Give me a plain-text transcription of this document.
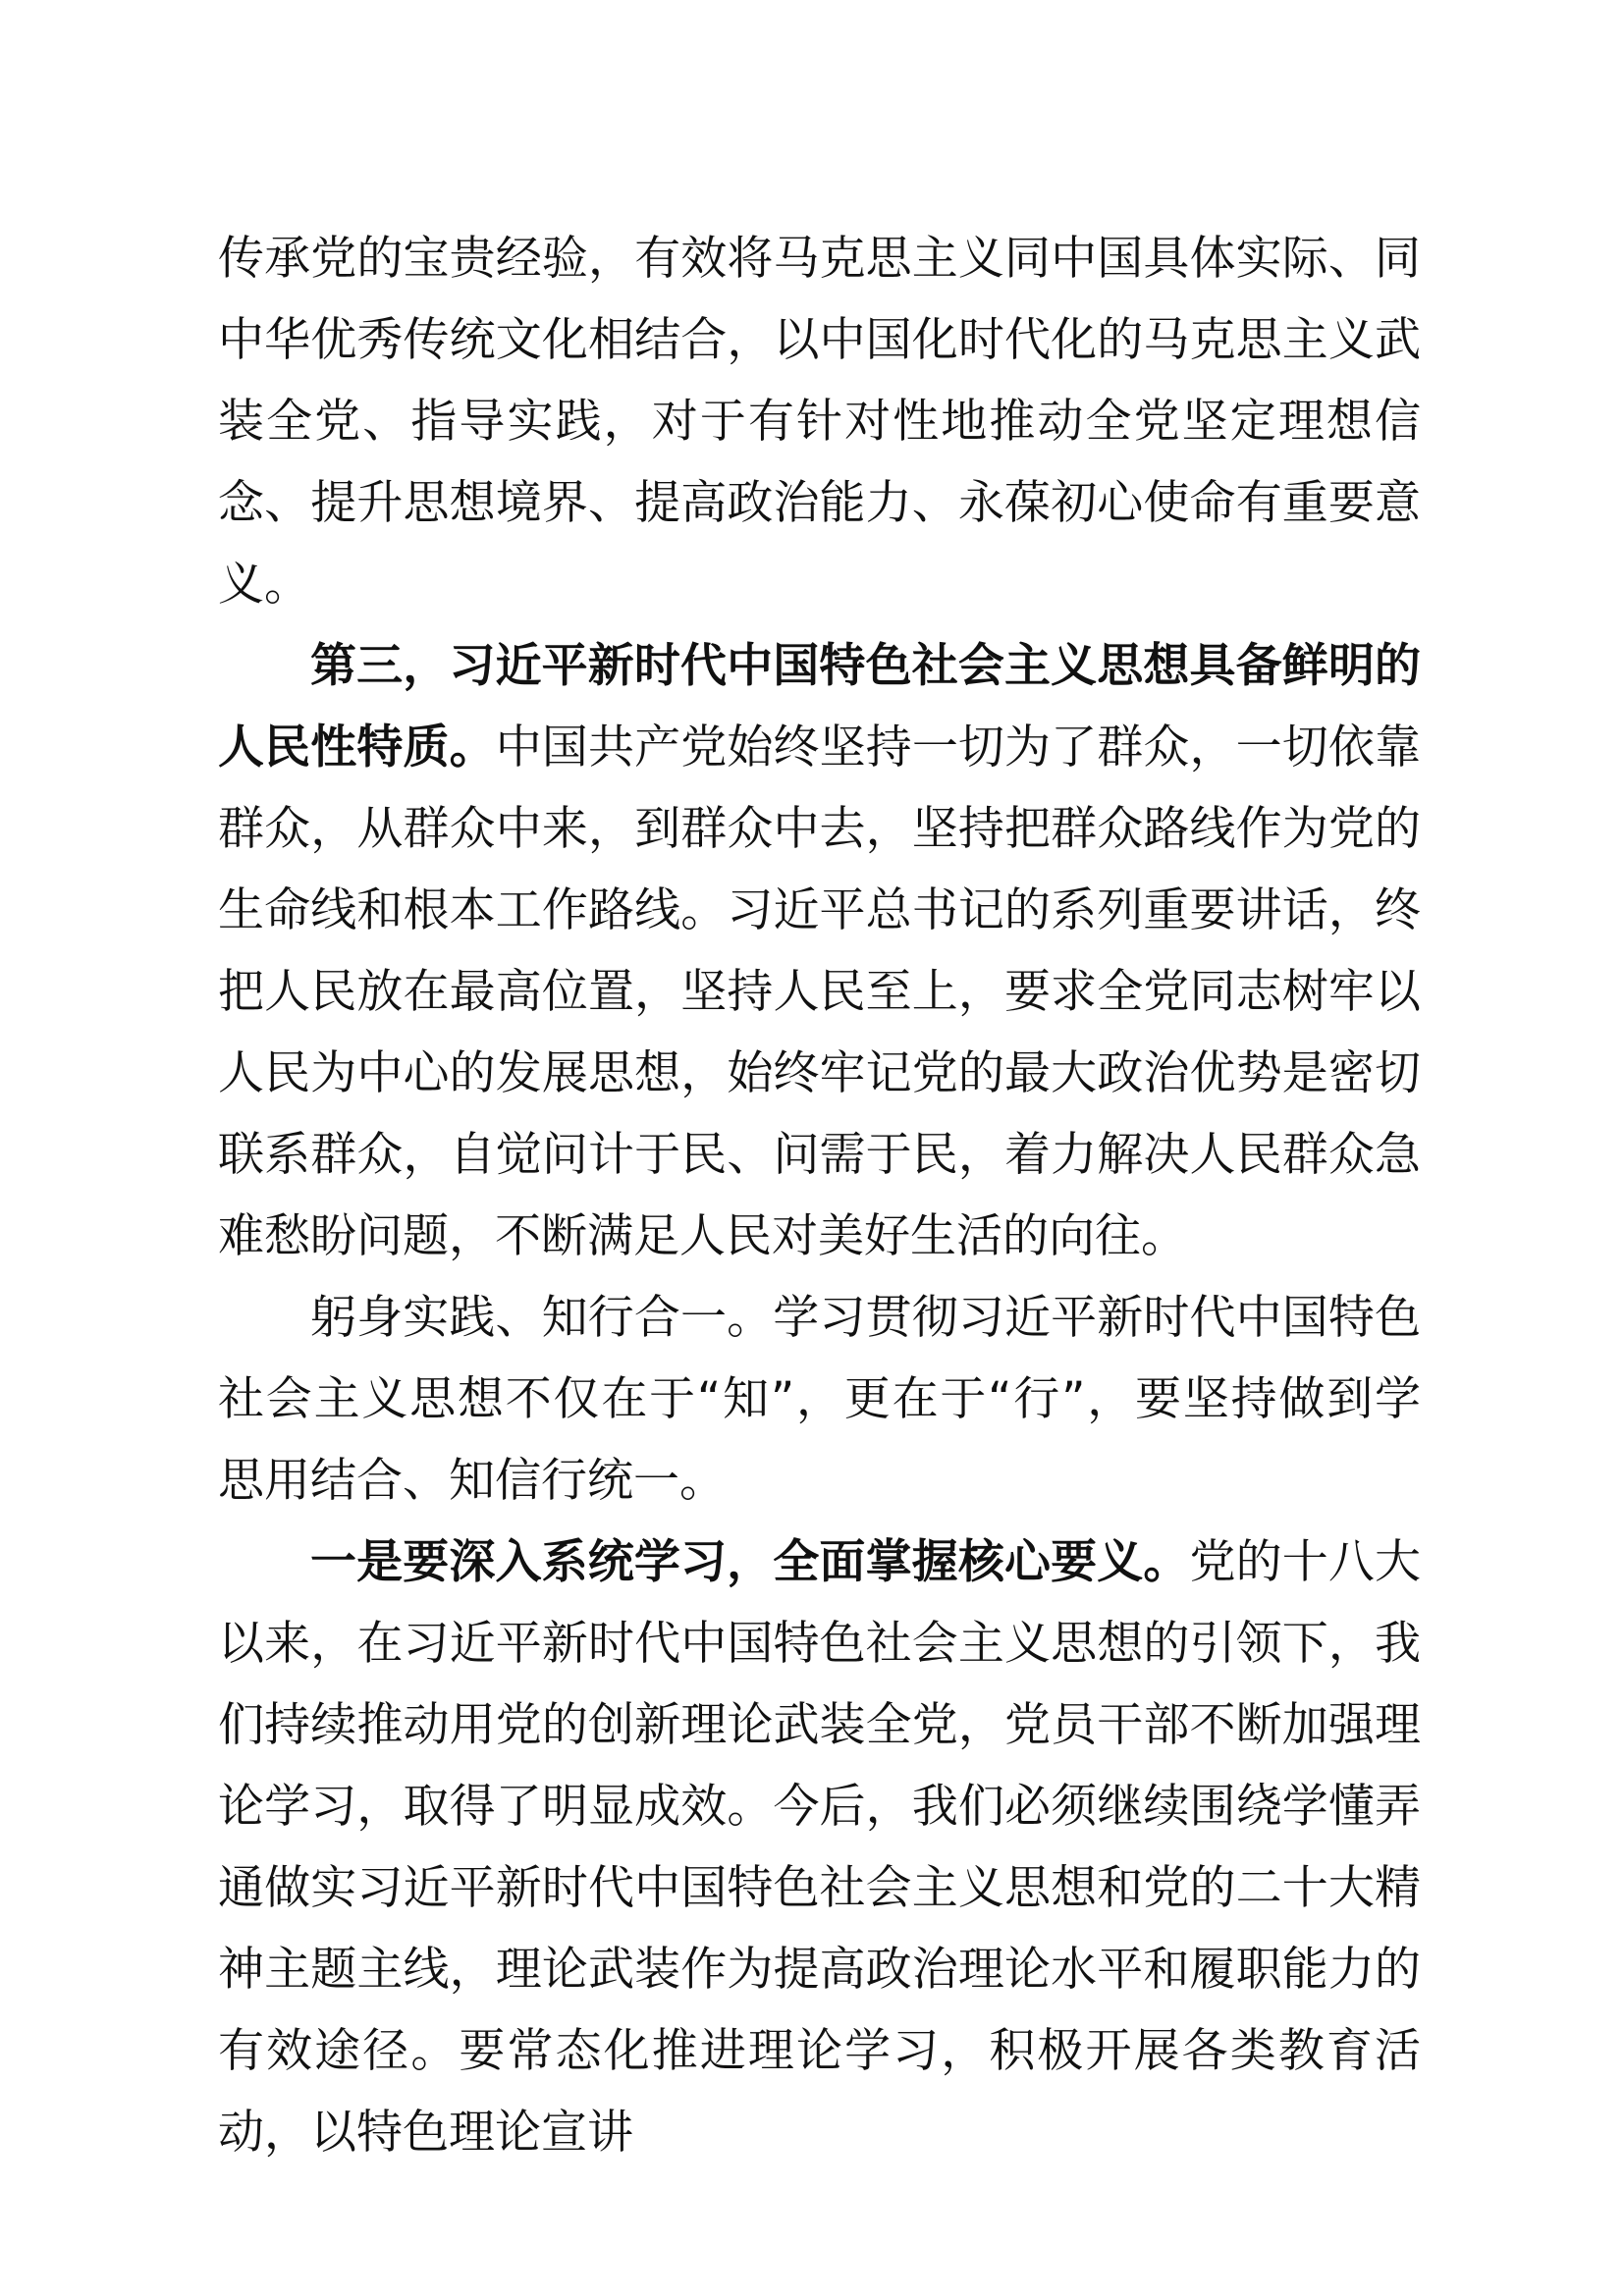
传承党的宝贵经验，有效将马克思主义同中国具体实际、同中华优秀传统文化相结合，以中国化时代化的马克思主义武装全党、指导实践，对于有针对性地推动全党坚定理想信念、提升思想境界、提高政治能力、永葆初心使命有重要意义。

第三，习近平新时代中国特色社会主义思想具备鲜明的人民性特质。中国共产党始终坚持一切为了群众，一切依靠群众，从群众中来，到群众中去，坚持把群众路线作为党的生命线和根本工作路线。习近平总书记的系列重要讲话，终把人民放在最高位置，坚持人民至上，要求全党同志树牢以人民为中心的发展思想，始终牢记党的最大政治优势是密切联系群众，自觉问计于民、问需于民，着力解决人民群众急难愁盼问题，不断满足人民对美好生活的向往。

躬身实践、知行合一。学习贯彻习近平新时代中国特色社会主义思想不仅在于“知”，更在于“行”，要坚持做到学思用结合、知信行统一。

一是要深入系统学习，全面掌握核心要义。党的十八大以来，在习近平新时代中国特色社会主义思想的引领下，我们持续推动用党的创新理论武装全党，党员干部不断加强理论学习，取得了明显成效。今后，我们必须继续围绕学懂弄通做实习近平新时代中国特色社会主义思想和党的二十大精神主题主线，理论武装作为提高政治理论水平和履职能力的有效途径。要常态化推进理论学习，积极开展各类教育活动，以特色理论宣讲
